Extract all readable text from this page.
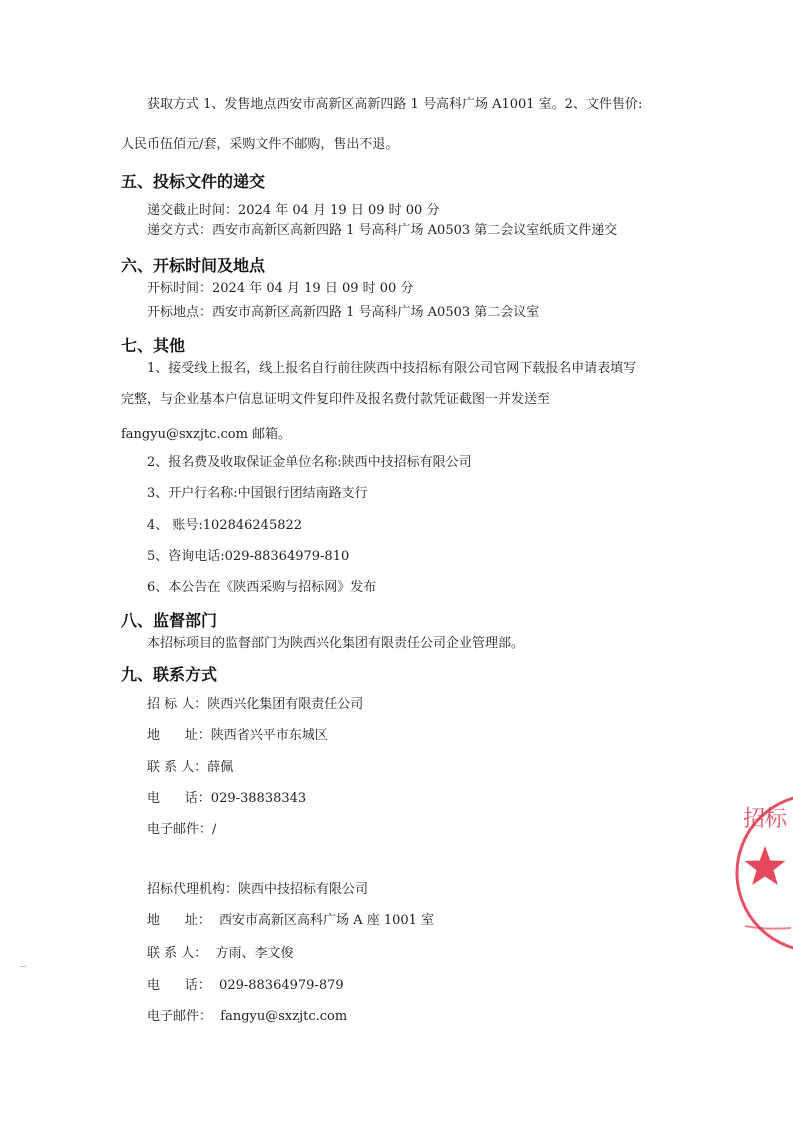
获取方式 1、发售地点西安市高新区高新四路 1 号高科广场 A1001 室。2、文件售价:
人民币伍佰元/套，采购文件不邮购，售出不退。
五、投标文件的递交
递交截止时间：2024 年 04 月 19 日 09 时 00 分
递交方式：西安市高新区高新四路 1 号高科广场 A0503 第二会议室纸质文件递交
六、开标时间及地点
开标时间：2024 年 04 月 19 日 09 时 00 分
开标地点：西安市高新区高新四路 1 号高科广场 A0503 第二会议室
七、其他
1、接受线上报名，线上报名自行前往陕西中技招标有限公司官网下载报名申请表填写
完整，与企业基本户信息证明文件复印件及报名费付款凭证截图一并发送至
fangyu@sxzjtc.com 邮箱。
2、报名费及收取保证金单位名称:陕西中技招标有限公司
3、开户行名称:中国银行团结南路支行
4、 账号:102846245822
5、咨询电话:029-88364979-810
6、本公告在《陕西采购与招标网》发布
八、监督部门
本招标项目的监督部门为陕西兴化集团有限责任公司企业管理部。
九、联系方式
招 标 人：陕西兴化集团有限责任公司
地      址：陕西省兴平市东城区
联 系 人：薛佩
电      话：029-38838343
电子邮件：/
招标代理机构：陕西中技招标有限公司
地      址：  西安市高新区高科广场 A 座 1001 室
联 系 人：  方雨、李文俊
电      话：  029-88364979-879
电子邮件：  fangyu@sxzjtc.com
招标
